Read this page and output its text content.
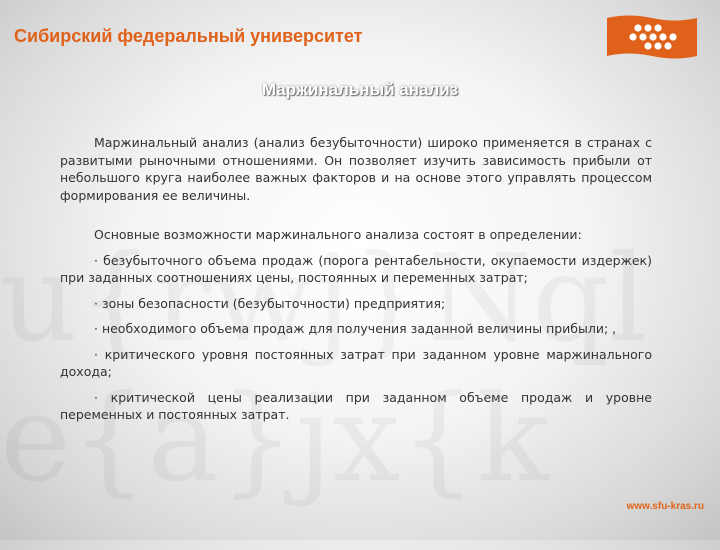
Сибирский федеральный университет
Маржинальный анализ

Маржинальный анализ (анализ безубыточности) широко применяется в странах с развитыми рыночными отношениями. Он позволяет изучить зависимость прибыли от небольшого круга наиболее важных факторов и на основе этого управлять процессом формирования ее величины.

Основные возможности маржинального анализа состоят в определении:

· безубыточного объема продаж (порога рентабельности, окупаемости издержек) при заданных соотношениях цены, постоянных и переменных затрат;

· зоны безопасности (безубыточности) предприятия;

· необходимого объема продаж для получения заданной величины прибыли; ,

· критического уровня постоянных затрат при заданном уровне маржинального дохода;

· критической цены реализации при заданном объеме продаж и уровне переменных и постоянных затрат.

www.sfu-kras.ru
